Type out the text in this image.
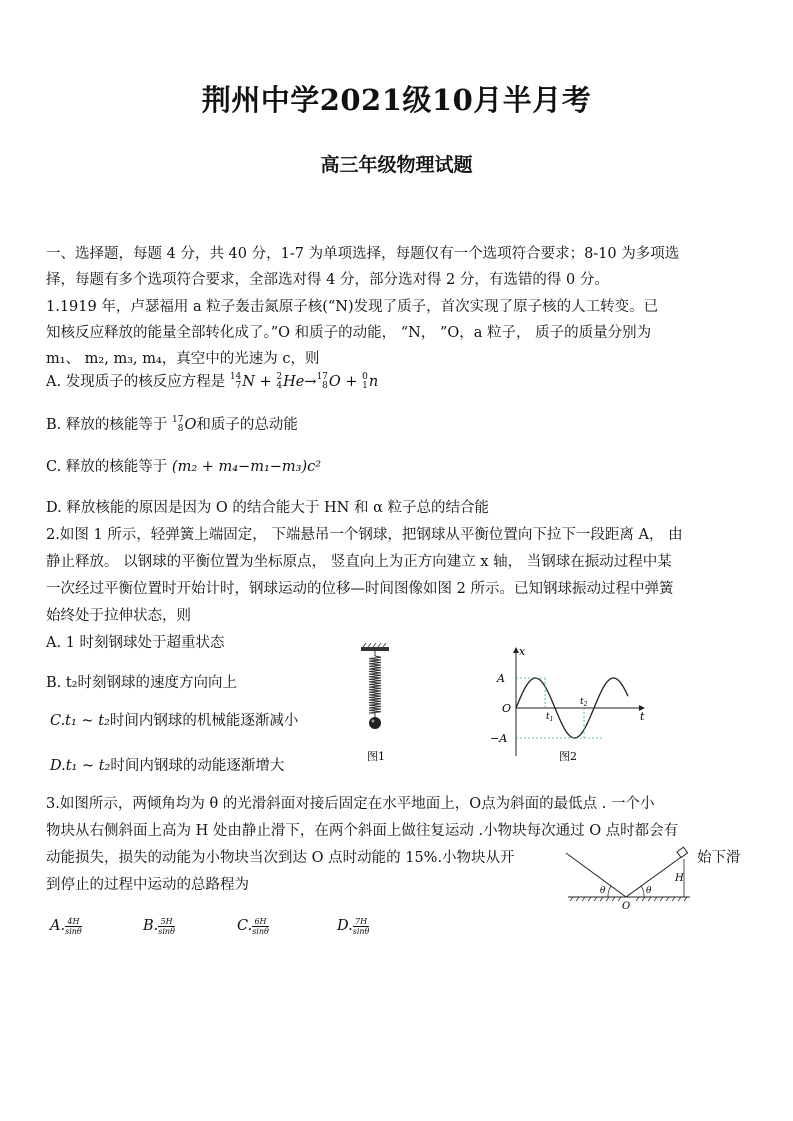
荆州中学2021级10月半月考
高三年级物理试题
一、选择题，每题 4 分，共 40 分，1-7 为单项选择，每题仅有一个选项符合要求；8-10 为多项选
择，每题有多个选项符合要求，全部选对得 4 分，部分选对得 2 分，有选错的得 0 分。
1.1919 年，卢瑟福用 a 粒子轰击氮原子核(“N)发现了质子，首次实现了原子核的人工转变。已
知核反应释放的能量全部转化成了。”O 和质子的动能， “N， ”O，a 粒子， 质子的质量分别为
m₁、 m₂, m₃, m₄，真空中的光速为 c，则
A. 发现质子的核反应方程是 14
7 N + 2
4 He→ 17
8 O + 0
1 n
B. 释放的核能等于 17
8 O和质子的总动能
C. 释放的核能等于 (m₂ + m₄−m₁−m₃)c²
D. 释放核能的原因是因为 O 的结合能大于 HN 和 α 粒子总的结合能
2.如图 1 所示，轻弹簧上端固定， 下端悬吊一个钢球，把钢球从平衡位置向下拉下一段距离 A， 由
静止释放。 以钢球的平衡位置为坐标原点， 竖直向上为正方向建立 x 轴， 当钢球在振动过程中某
一次经过平衡位置时开始计时，钢球运动的位移—时间图像如图 2 所示。已知钢球振动过程中弹簧
始终处于拉伸状态，则
A. 1 时刻钢球处于超重状态
B. t₂时刻钢球的速度方向向上
C.t₁ ~ t₂时间内钢球的机械能逐渐减小
D.t₁ ~ t₂时间内钢球的动能逐渐增大
图1
x
t
A
−A
O
$t_1$
$t_2$
图2
3.如图所示，两倾角均为 θ 的光滑斜面对接后固定在水平地面上，O点为斜面的最低点 . 一个小
物块从右侧斜面上高为 H 处由静止滑下，在两个斜面上做往复运动 .小物块每次通过 O 点时都会有
动能损失，损失的动能为小物块当次到达 O 点时动能的 15%.小物块从开	始下滑
到停止的过程中运动的总路程为	θ	θ
H
O
A. $\frac{4H}{\sin\theta}$	B. $\frac{5H}{\sin\theta}$	C. $\frac{6H}{\sin\theta}$	D. $\frac{7H}{\sin\theta}$
